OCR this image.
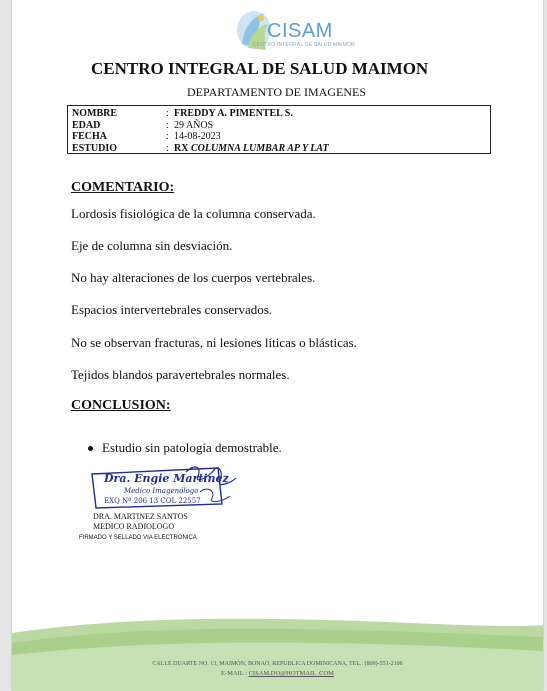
CISAM
CENTRO INTEGRAL DE SALUD MAIMON
CENTRO INTEGRAL DE SALUD MAIMON
DEPARTAMENTO DE IMAGENES
NOMBRE	: FREDDY A. PIMENTEL S.
EDAD	: 29 AÑOS
FECHA	: 14-08-2023
ESTUDIO	: RX COLUMNA LUMBAR AP Y LAT
COMENTARIO:
Lordosis fisiológica de la columna conservada.
Eje de columna sin desviación.
No hay alteraciones de los cuerpos vertebrales.
Espacios intervertebrales conservados.
No se observan fracturas, ni lesiones líticas o blásticas.
Tejidos blandos paravertebrales normales.
CONCLUSION:
Estudio sin patología demostrable.
Dra. Engie Martinez
Medico Imagenólogo
EXQ Nº 206 13 COL 22557
DRA. MARTINEZ SANTOS
MEDICO RADIOLOGO
FIRMADO Y SELLADO VIA ELECTRONICA
CALLE DUARTE NO. 13, MAIMÓN, BONAO, REPUBLICA DOMINICANA, TEL.: (809)-551-2106
E-MAIL : CISAM.DO@HOTMAIL .COM
